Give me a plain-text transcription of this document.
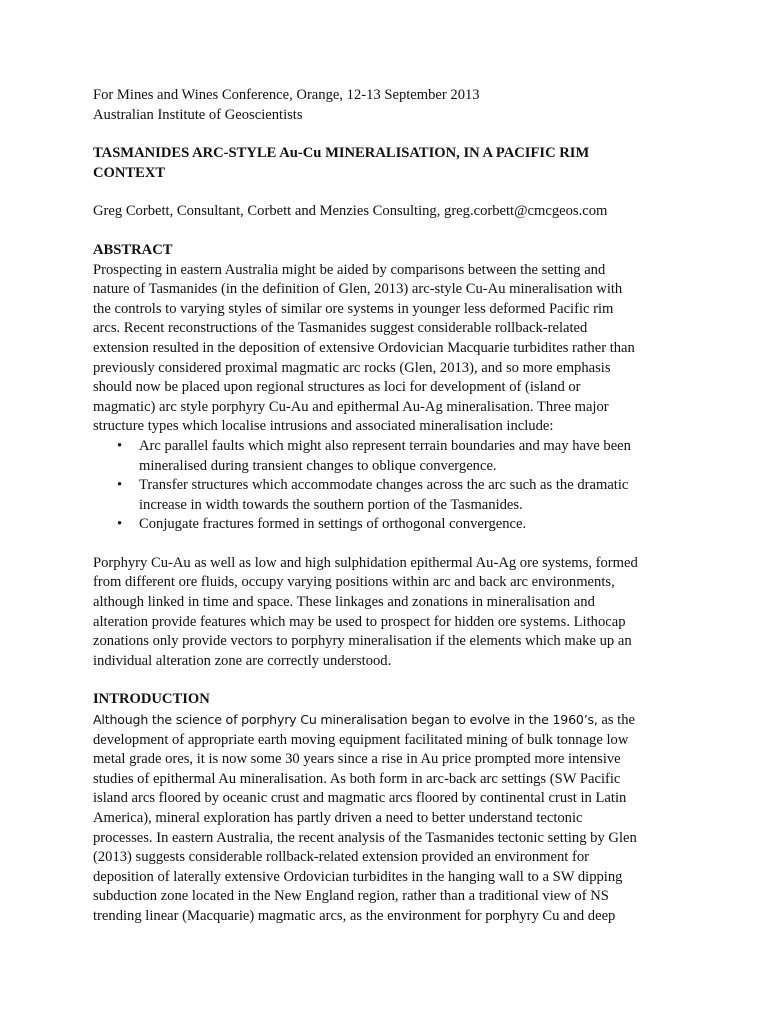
For Mines and Wines Conference, Orange, 12-13 September 2013
Australian Institute of Geoscientists
TASMANIDES ARC-STYLE Au-Cu MINERALISATION, IN A PACIFIC RIM
CONTEXT
Greg Corbett, Consultant, Corbett and Menzies Consulting, greg.corbett@cmcgeos.com
ABSTRACT
Prospecting in eastern Australia might be aided by comparisons between the setting and
nature of Tasmanides (in the definition of Glen, 2013) arc-style Cu-Au mineralisation with
the controls to varying styles of similar ore systems in younger less deformed Pacific rim
arcs. Recent reconstructions of the Tasmanides suggest considerable rollback-related
extension resulted in the deposition of extensive Ordovician Macquarie turbidites rather than
previously considered proximal magmatic arc rocks (Glen, 2013), and so more emphasis
should now be placed upon regional structures as loci for development of (island or
magmatic) arc style porphyry Cu-Au and epithermal Au-Ag mineralisation. Three major
structure types which localise intrusions and associated mineralisation include:
• Arc parallel faults which might also represent terrain boundaries and may have been
mineralised during transient changes to oblique convergence.
• Transfer structures which accommodate changes across the arc such as the dramatic
increase in width towards the southern portion of the Tasmanides.
• Conjugate fractures formed in settings of orthogonal convergence.
Porphyry Cu-Au as well as low and high sulphidation epithermal Au-Ag ore systems, formed
from different ore fluids, occupy varying positions within arc and back arc environments,
although linked in time and space. These linkages and zonations in mineralisation and
alteration provide features which may be used to prospect for hidden ore systems. Lithocap
zonations only provide vectors to porphyry mineralisation if the elements which make up an
individual alteration zone are correctly understood.
INTRODUCTION
Although the science of porphyry Cu mineralisation began to evolve in the 1960’s, as the
development of appropriate earth moving equipment facilitated mining of bulk tonnage low
metal grade ores, it is now some 30 years since a rise in Au price prompted more intensive
studies of epithermal Au mineralisation. As both form in arc-back arc settings (SW Pacific
island arcs floored by oceanic crust and magmatic arcs floored by continental crust in Latin
America), mineral exploration has partly driven a need to better understand tectonic
processes. In eastern Australia, the recent analysis of the Tasmanides tectonic setting by Glen
(2013) suggests considerable rollback-related extension provided an environment for
deposition of laterally extensive Ordovician turbidites in the hanging wall to a SW dipping
subduction zone located in the New England region, rather than a traditional view of NS
trending linear (Macquarie) magmatic arcs, as the environment for porphyry Cu and deep
